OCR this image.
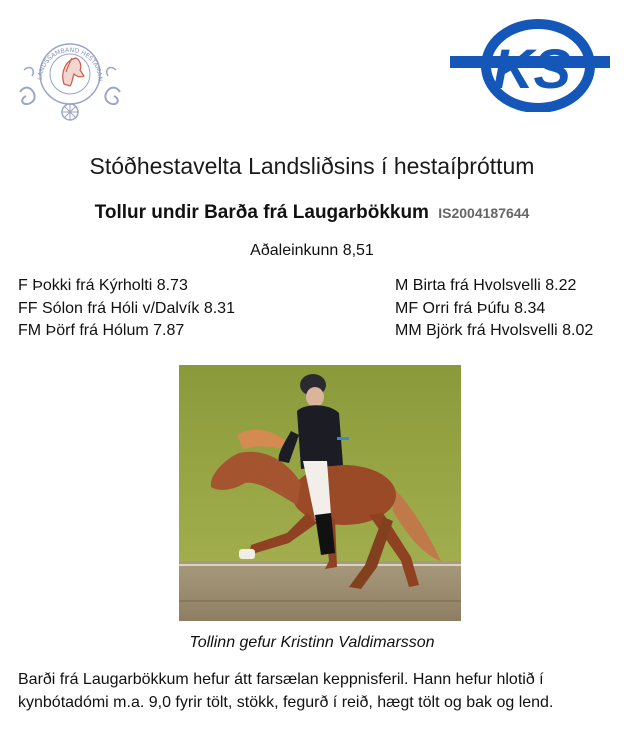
LANDSSAMBAND HESTAMAN	KS
Stóðhestavelta Landsliðsins í hestaíþróttum
Tollur undir Barða frá Laugarbökkum IS2004187644
Aðaleinkunn 8,51
F Þokki frá Kýrholti 8.73
FF Sólon frá Hóli v/Dalvík 8.31
FM Þörf frá Hólum 7.87
M Birta frá Hvolsvelli 8.22
MF Orri frá Þúfu 8.34
MM Björk frá Hvolsvelli 8.02
Tollinn gefur Kristinn Valdimarsson
Barði frá Laugarbökkum hefur átt farsælan keppnisferil. Hann hefur hlotið í kynbótadómi m.a. 9,0 fyrir tölt, stökk, fegurð í reið, hægt tölt og bak og lend.
